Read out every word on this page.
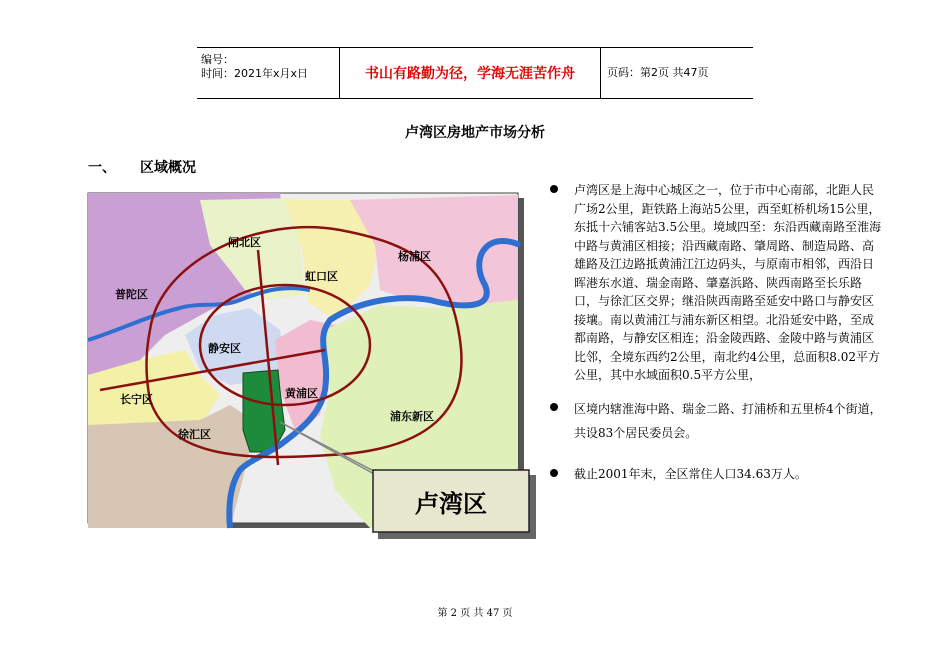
编号：
时间：2021年x月x日	书山有路勤为径，学海无涯苦作舟	页码：第2页 共47页
卢湾区房地产市场分析
一、 区域概况
卢湾区
闸北区
虹口区
杨浦区
普陀区
静安区
长宁区	黄浦区
徐汇区
浦东新区

卢湾区是上海中心城区之一，位于市中心南部，北距人民广场2公里，距铁路上海站5公里，西至虹桥机场15公里，东抵十六铺客站3.5公里。境域四至：东沿西藏南路至淮海中路与黄浦区相接；沿西藏南路、肇周路、制造局路、高雄路及江边路抵黄浦江江边码头，与原南市相邻，西沿日晖港东水道、瑞金南路、肇嘉浜路、陕西南路至长乐路口，与徐汇区交界；继沿陕西南路至延安中路口与静安区接壤。南以黄浦江与浦东新区相望。北沿延安中路，至成都南路，与静安区相连；沿金陵西路、金陵中路与黄浦区比邻，全境东西约2公里，南北约4公里，总面积8.02平方公里，其中水域面积0.5平方公里，

区境内辖淮海中路、瑞金二路、打浦桥和五里桥4个街道，共设83个居民委员会。

截止2001年末，全区常住人口34.63万人。

第 2 页 共 47 页
